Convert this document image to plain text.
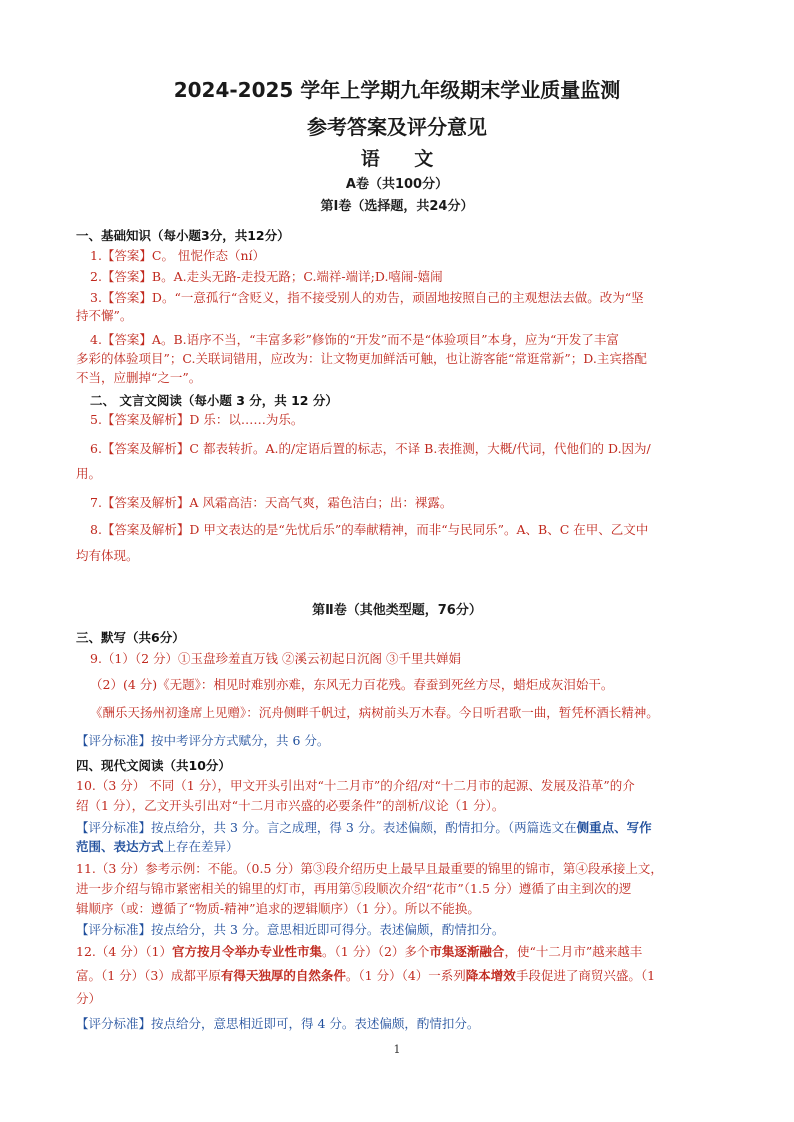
2024-2025 学年上学期九年级期末学业质量监测
参考答案及评分意见
语 文
A卷（共100分）
第Ⅰ卷（选择题，共24分）
一、基础知识（每小题3分，共12分）
1.【答案】C。 忸怩作态（ní）
2.【答案】B。A.走头无路-走投无路；C.端祥-端详;D.嘻闹-嬉闹
3.【答案】D。“一意孤行“含贬义，指不接受别人的劝告，顽固地按照自己的主观想法去做。改为“坚
持不懈”。
4.【答案】A。B.语序不当，“丰富多彩”修饰的“开发”而不是“体验项目”本身，应为“开发了丰富
多彩的体验项目”；C.关联词错用，应改为：让文物更加鲜活可触，也让游客能“常逛常新”；D.主宾搭配
不当，应删掉“之一”。
二、 文言文阅读（每小题 3 分，共 12 分）
5.【答案及解析】D 乐：以……为乐。
6.【答案及解析】C 都表转折。A.的/定语后置的标志，不译 B.表推测，大概/代词，代他们的 D.因为/
用。
7.【答案及解析】A 风霜高洁：天高气爽，霜色洁白；出：裸露。
8.【答案及解析】D 甲文表达的是“先忧后乐”的奉献精神，而非“与民同乐”。A、B、C 在甲、乙文中
均有体现。
第Ⅱ卷（其他类型题，76分）
三、默写（共6分）
9.（1）（2 分）①玉盘珍羞直万钱 ②溪云初起日沉阁 ③千里共婵娟
（2）(4 分)《无题》：相见时难别亦难，东风无力百花残。春蚕到死丝方尽，蜡炬成灰泪始干。
《酬乐天扬州初逢席上见赠》：沉舟侧畔千帆过，病树前头万木春。今日听君歌一曲，暂凭杯酒长精神。
【评分标准】按中考评分方式赋分，共 6 分。
四、现代文阅读（共10分）
10.（3 分） 不同（1 分），甲文开头引出对“十二月市”的介绍/对“十二月市的起源、发展及沿革”的介
绍（1 分），乙文开头引出对“十二月市兴盛的必要条件”的剖析/议论（1 分）。
【评分标准】按点给分，共 3 分。言之成理，得 3 分。表述偏颇，酌情扣分。（两篇选文在侧重点、写作
范围、表达方式上存在差异）
11.（3 分）参考示例：不能。（0.5 分）第③段介绍历史上最早且最重要的锦里的锦市，第④段承接上文，
进一步介绍与锦市紧密相关的锦里的灯市，再用第⑤段顺次介绍“花市”（1.5 分）遵循了由主到次的逻
辑顺序（或：遵循了“物质-精神”追求的逻辑顺序）（1 分）。所以不能换。
【评分标准】按点给分，共 3 分。意思相近即可得分。表述偏颇，酌情扣分。
12.（4 分）（1）官方按月令举办专业性市集。（1 分）（2）多个市集逐渐融合，使“十二月市”越来越丰
富。（1 分）（3）成都平原有得天独厚的自然条件。（1 分）（4）一系列降本增效手段促进了商贸兴盛。（1
分）
【评分标准】按点给分，意思相近即可，得 4 分。表述偏颇，酌情扣分。
1
